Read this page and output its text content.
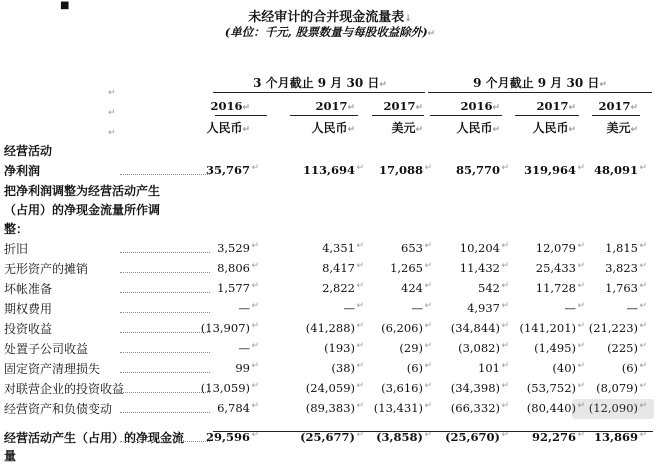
■
未经审计的合并现金流量表↓
(单位：千元, 股票数量与每股收益除外)↵
↵
↵
↵
3 个月截止 9 月 30 日↵	9 个月截止 9 月 30 日↵
2016↵	2017↵ 2017↵	2016↵	2017↵ 2017↵
人民币↵	人民币↵	美元↵	人民币↵	人民币↵	美元↵
经营活动
净利润	35,767 ↵	113,694 ↵ 17,088 ↵ 85,770 ↵ 319,964 ↵ 48,091 ↵
把净利润调整为经营活动产生
（占用）的净现金流量所作调
整：
折旧	3,529 ↵	4,351 ↵	653 ↵ 10,204 ↵ 12,079 ↵ 1,815 ↵
无形资产的摊销	8,806 ↵	8,417 ↵ 1,265 ↵ 11,432 ↵ 25,433 ↵ 3,823 ↵
坏帐准备	1,577 ↵	2,822 ↵	424 ↵	542 ↵ 11,728 ↵ 1,763 ↵
期权费用	— ↵	— ↵	— ↵	4,937 ↵	— ↵	— ↵
投资收益	(13,907) ↵	(41,288) ↵ (6,206) ↵ (34,844) ↵ (141,201) ↵ (21,223) ↵
处置子公司收益	— ↵	(193) ↵	(29) ↵ (3,082) ↵ (1,495) ↵ (225) ↵
固定资产清理损失	99 ↵	(38) ↵	(6) ↵	101 ↵	(40) ↵	(6) ↵
对联营企业的投资收益	(13,059) ↵	(24,059) ↵ (3,616) ↵ (34,398) ↵ (53,752) ↵ (8,079) ↵
经营资产和负债变动	6,784 ↵	(89,383) ↵ (13,431) ↵ (66,332) ↵ (80,440) ↵ (12,090) ↵
经营活动产生（占用）的净现金流 29,596 ↵	(25,677) ↵ (3,858) ↵ (25,670) ↵ 92,276 ↵ 13,869 ↵
量
